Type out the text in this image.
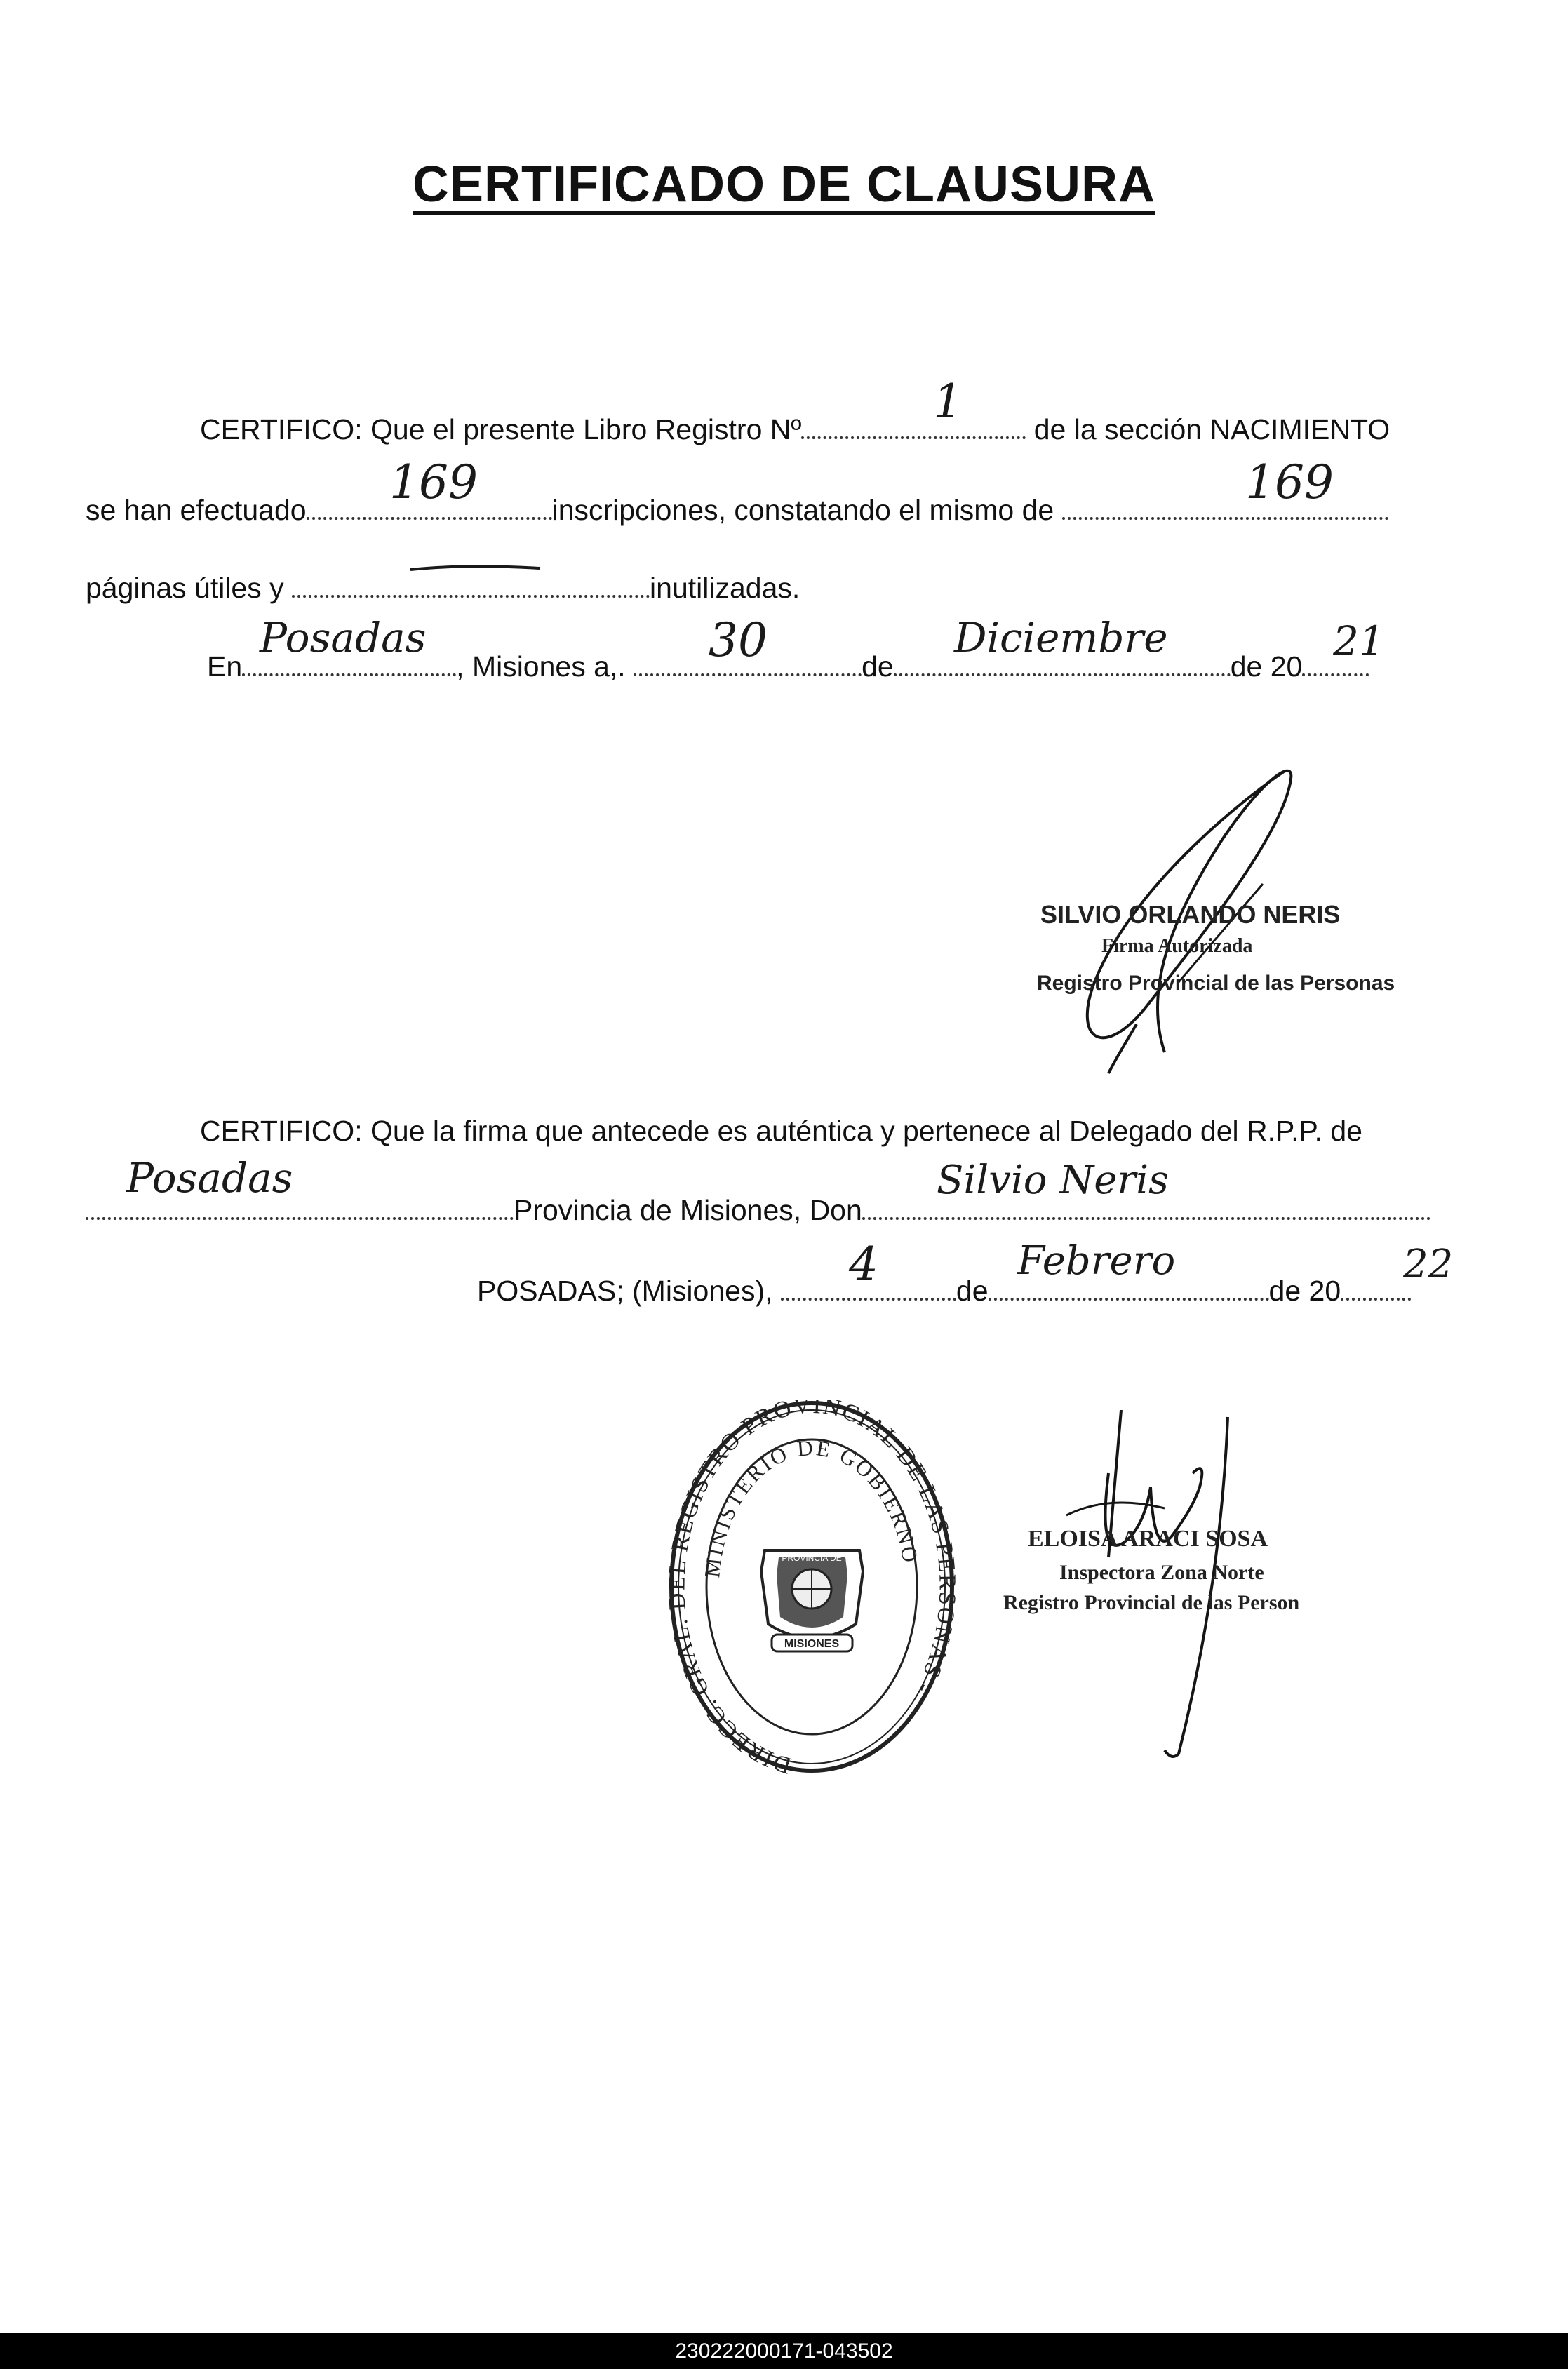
CERTIFICADO DE CLAUSURA
CERTIFICO: Que el presente Libro Registro Nº	de la sección NACIMIENTO
1
se han efectuado	inscripciones, constatando el mismo de
169	169
páginas útiles y	inutilizadas.
En	, Misiones a,.	de	de 20
Posadas	30	Diciembre	21
SILVIO ORLANDO NERIS
Firma Autorizada
Registro Provincial de las Personas
CERTIFICO: Que la firma que antecede es auténtica y pertenece al Delegado del R.P.P. de
Provincia de Misiones, Don
Posadas	Silvio Neris
POSADAS; (Misiones),	de	de 20
4	Febrero	22
DIRECC. GRAL. DEL REGISTRO PROVINCIAL DE LAS PERSONAS -
MINISTERIO DE GOBIERNO
PROVINCIA DE
MISIONES
ELOISA ARACI SOSA
Inspectora Zona Norte
Registro Provincial de las Person
230222000171-043502
